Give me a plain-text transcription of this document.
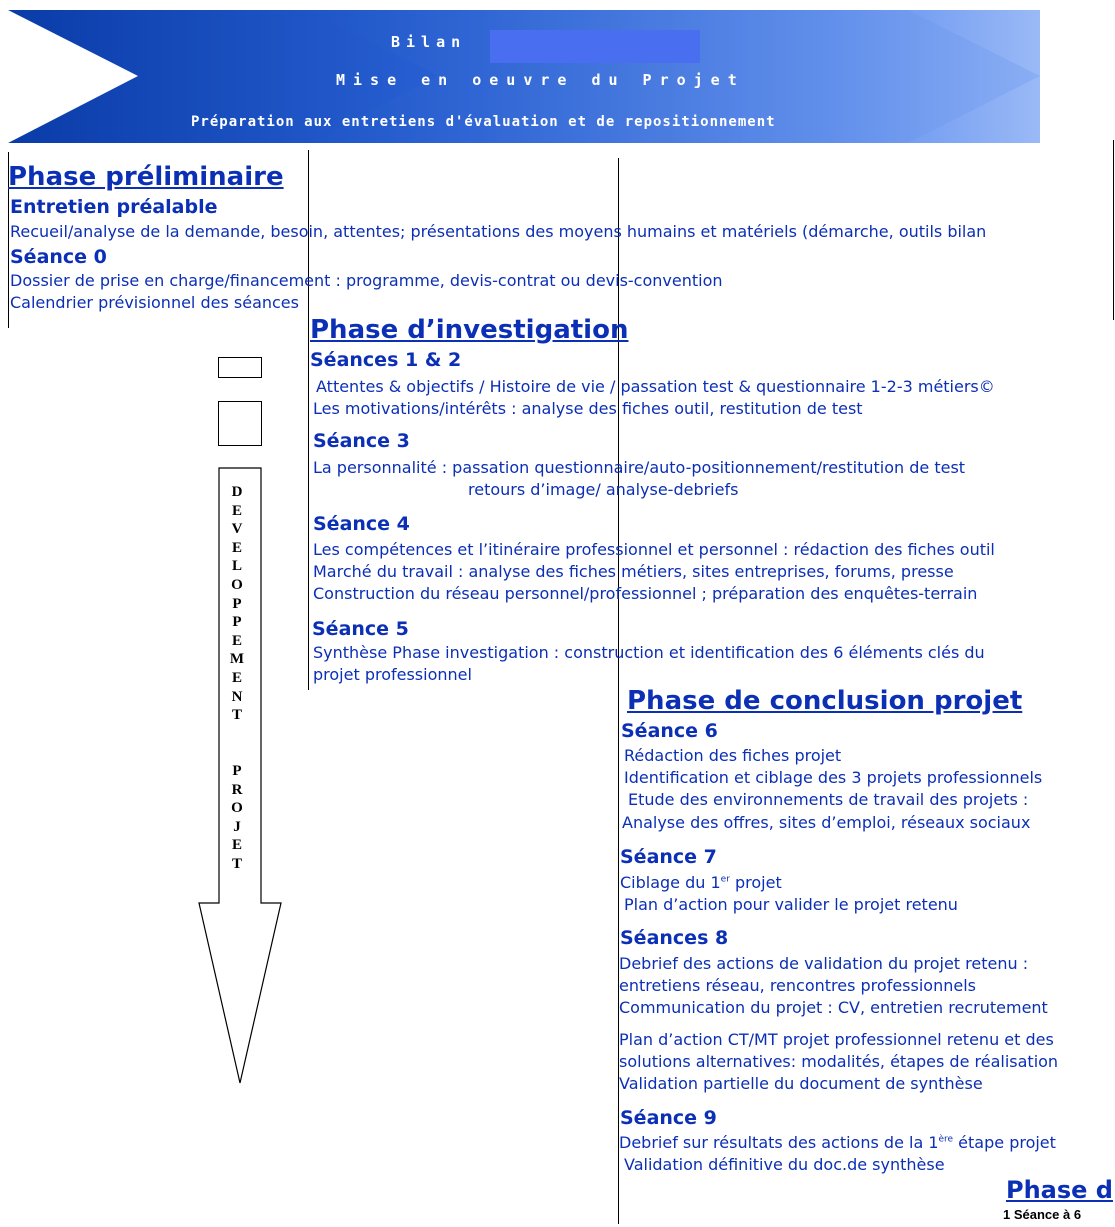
Bilan
Mise en oeuvre du Projet
Préparation aux entretiens d'évaluation et de repositionnement
Phase préliminaire
Entretien préalable
Recueil/analyse de la demande, besoin, attentes; présentations des moyens humains et matériels (démarche, outils bilan
Séance 0
Dossier de prise en charge/financement : programme, devis-contrat ou devis-convention
Calendrier prévisionnel des séances
Phase d’investigation
Séances 1 & 2
Attentes & objectifs / Histoire de vie / passation test & questionnaire 1-2-3 métiers©
Les motivations/intérêts : analyse des fiches outil, restitution de test
Séance 3
La personnalité : passation questionnaire/auto-positionnement/restitution de test
retours d’image/ analyse-debriefs
Séance 4
Les compétences et l’itinéraire professionnel et personnel : rédaction des fiches outil
Marché du travail : analyse des fiches métiers, sites entreprises, forums, presse
Construction du réseau personnel/professionnel ; préparation des enquêtes-terrain
Séance 5
Synthèse Phase investigation : construction et identification des 6 éléments clés du
projet professionnel
Phase de conclusion projet
Séance 6
Rédaction des fiches projet
Identification et ciblage des 3 projets professionnels
Etude des environnements de travail des projets :
Analyse des offres, sites d’emploi, réseaux sociaux
Séance 7
Ciblage du 1er projet
Plan d’action pour valider le projet retenu
Séances 8
Debrief des actions de validation du projet retenu :
entretiens réseau, rencontres professionnels
Communication du projet : CV, entretien recrutement
Plan d’action CT/MT projet professionnel retenu et des
solutions alternatives: modalités, étapes de réalisation
Validation partielle du document de synthèse
Séance 9
Debrief sur résultats des actions de la 1ère étape projet
Validation définitive du doc.de synthèse
Phase d
1 Séance à 6
D
E
V
E
L
O
P
P
E
M
E
N
T

P
R
O
J
E
T
